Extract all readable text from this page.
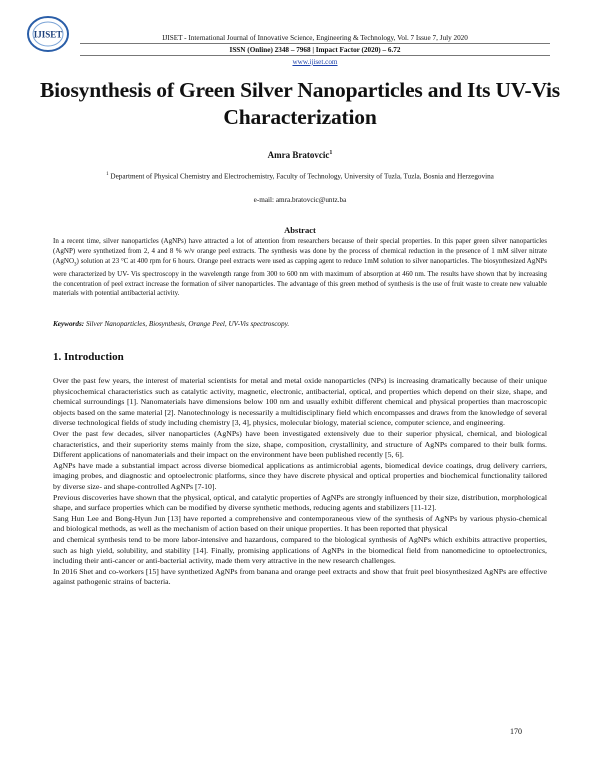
IJISET	IJISET - International Journal of Innovative Science, Engineering & Technology, Vol. 7 Issue 7, July 2020
ISSN (Online) 2348 – 7968 | Impact Factor (2020) – 6.72
www.ijiset.com
Biosynthesis of Green Silver Nanoparticles and Its UV-Vis Characterization
Amra Bratovcic$^1$
$^1$ Department of Physical Chemistry and Electrochemistry, Faculty of Technology, University of Tuzla, Tuzla, Bosnia and Herzegovina
e-mail: amra.bratovcic@untz.ba
Abstract
In a recent time, silver nanoparticles (AgNPs) have attracted a lot of attention from researchers because of their special properties. In this paper green silver nanoparticles (AgNP) were synthetized from 2, 4 and 8 % w/v orange peel extracts. The synthesis was done by the process of chemical reduction in the presence of 1 mM silver nitrate (AgNO$_3$) solution at 23 °C at 400 rpm for 6 hours. Orange peel extracts were used as capping agent to reduce 1mM solution to silver nanoparticles. The biosynthesized AgNPs were characterized by UV- Vis spectroscopy in the wavelength range from 300 to 600 nm with maximum of absorption at 460 nm. The results have shown that by increasing the concentration of peel extract increase the formation of silver nanoparticles. The advantage of this green method of synthesis is the use of fruit waste to create new valuable materials with potential antibacterial activity.
Keywords: Silver Nanoparticles, Biosynthesis, Orange Peel, UV-Vis spectroscopy.
1. Introduction

Over the past few years, the interest of material scientists for metal and metal oxide nanoparticles (NPs) is increasing dramatically because of their unique physicochemical characteristics such as catalytic activity, magnetic, electronic, antibacterial, optical, and properties which depend on their size, shape, and chemical surroundings [1]. Nanomaterials have dimensions below 100 nm and usually exhibit different chemical and physical properties than macroscopic objects based on the same material [2]. Nanotechnology is necessarily a multidisciplinary field which encompasses and draws from the knowledge of several diverse technological fields of study including chemistry [3, 4], physics, molecular biology, material science, computer science, and engineering.

Over the past few decades, silver nanoparticles (AgNPs) have been investigated extensively due to their superior physical, chemical, and biological characteristics, and their superiority stems mainly from the size, shape, composition, crystallinity, and structure of AgNPs compared to their bulk forms. Different applications of nanomaterials and their impact on the environment have been published recently [5, 6].

AgNPs have made a substantial impact across diverse biomedical applications as antimicrobial agents, biomedical device coatings, drug delivery carriers, imaging probes, and diagnostic and optoelectronic platforms, since they have discrete physical and optical properties and biochemical functionality tailored by diverse size- and shape-controlled AgNPs [7-10].

Previous discoveries have shown that the physical, optical, and catalytic properties of AgNPs are strongly influenced by their size, distribution, morphological shape, and surface properties which can be modified by diverse synthetic methods, reducing agents and stabilizers [11-12].

Sang Hun Lee and Bong-Hyun Jun [13] have reported a comprehensive and contemporaneous view of the synthesis of AgNPs by various physio-chemical and biological methods, as well as the mechanism of action based on their unique properties. It has been reported that physical

and chemical synthesis tend to be more labor-intensive and hazardous, compared to the biological synthesis of AgNPs which exhibits attractive properties, such as high yield, solubility, and stability [14]. Finally, promising applications of AgNPs in the biomedical field from nanomedicine to optoelectronics, including their anti-cancer or anti-bacterial activity, made them very attractive in the new research challenges.

In 2016 Shet and co-workers [15] have synthetized AgNPs from banana and orange peel extracts and show that fruit peel biosynthesized AgNPs are effective against pathogenic strains of bacteria.

170
